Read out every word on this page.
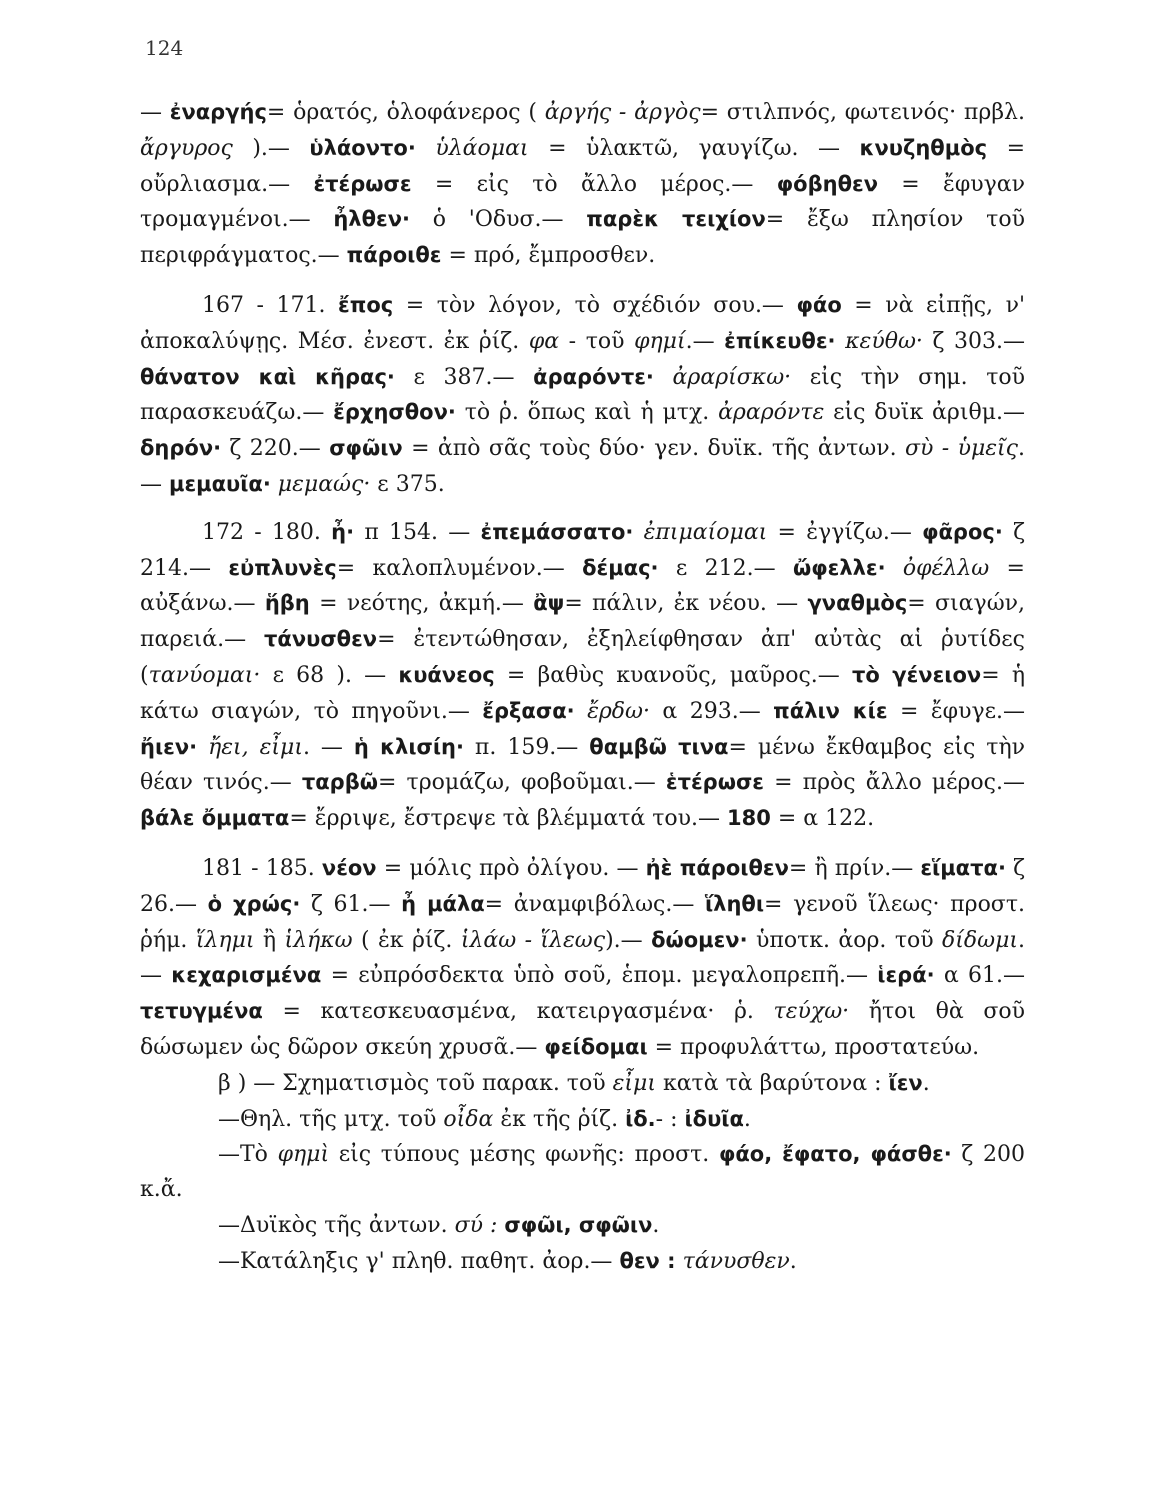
124

— ἐναργής= ὁρατός, ὁλοφάνερος ( ἀργής - ἀργὸς= στιλπνός, φωτεινός· πρβλ. ἄργυρος ).— ὑλάοντο· ὑλάομαι = ὑλακτῶ, γαυγίζω. — κνυζηθμὸς = οὔρλιασμα.— ἐτέρωσε = εἰς τὸ ἄλλο μέρος.— φόβηθεν = ἔφυγαν τρομαγμένοι.— ἦλθεν· ὁ 'Οδυσ.— παρὲκ τειχίον= ἔξω πλησίον τοῦ περιφράγματος.— πάροιθε = πρό, ἔμπροσθεν.

167 - 171. ἔπος = τὸν λόγον, τὸ σχέδιόν σου.— φάο = νὰ εἰπῇς, ν' ἀποκαλύψῃς. Μέσ. ἐνεστ. ἐκ ῥίζ. φα - τοῦ φημί.— ἐπίκευθε· κεύθω· ζ 303.— θάνατον καὶ κῆρας· ε 387.— ἀραρόντε· ἀραρίσκω· εἰς τὴν σημ. τοῦ παρασκευάζω.— ἔρχησθον· τὸ ῥ. ὅπως καὶ ἡ μτχ. ἀραρόντε εἰς δυϊκ ἀριθμ.— δηρόν· ζ 220.— σφῶιν = ἀπὸ σᾶς τοὺς δύο· γεν. δυϊκ. τῆς ἀντων. σὺ - ὑμεῖς.— μεμαυῖα· μεμαώς· ε 375.

172 - 180. ἦ· π 154. — ἐπεμάσσατο· ἐπιμαίομαι = ἐγγίζω.— φᾶρος· ζ 214.— εὐπλυνὲς= καλοπλυμένον.— δέμας· ε 212.— ὤφελλε· ὀφέλλω = αὐξάνω.— ἥβη = νεότης, ἀκμή.— ἂψ= πάλιν, ἐκ νέου. — γναθμὸς= σιαγών, παρειά.— τάνυσθεν= ἐτεντώθησαν, ἐξηλείφθησαν ἀπ' αὐτὰς αἱ ῥυτίδες (τανύομαι· ε 68 ). — κυάνεος = βαθὺς κυανοῦς, μαῦρος.— τὸ γένειον= ἡ κάτω σιαγών, τὸ πηγοῦνι.— ἔρξασα· ἔρδω· α 293.— πάλιν κίε = ἔφυγε.— ἤιεν· ἤει, εἶμι. — ἡ κλισίη· π. 159.— θαμβῶ τινα= μένω ἔκθαμβος εἰς τὴν θέαν τινός.— ταρβῶ= τρομάζω, φοβοῦμαι.— ἑτέρωσε = πρὸς ἄλλο μέρος.— βάλε ὄμματα= ἔρριψε, ἔστρεψε τὰ βλέμματά του.— 180 = α 122.

181 - 185. νέον = μόλις πρὸ ὀλίγου. — ἠὲ πάροιθεν= ἢ πρίν.— εἵματα· ζ 26.— ὁ χρώς· ζ 61.— ἦ μάλα= ἀναμφιβόλως.— ἵληθι= γενοῦ ἵλεως· προστ. ῥήμ. ἵλημι ἢ ἱλήκω ( ἐκ ῥίζ. ἱλάω - ἵλεως).— δώομεν· ὑποτκ. ἀορ. τοῦ δίδωμι.— κεχαρισμένα = εὐπρόσδεκτα ὑπὸ σοῦ, ἑπομ. μεγαλοπρεπῆ.— ἱερά· α 61.— τετυγμένα = κατεσκευασμένα, κατειργασμένα· ῥ. τεύχω· ἤτοι θὰ σοῦ δώσωμεν ὡς δῶρον σκεύη χρυσᾶ.— φείδομαι = προφυλάττω, προστατεύω.

β ) — Σχηματισμὸς τοῦ παρακ. τοῦ εἶμι κατὰ τὰ βαρύτονα : ἴεν.

—Θηλ. τῆς μτχ. τοῦ οἶδα ἐκ τῆς ῥίζ. ἰδ.- : ἰδυῖα.

—Τὸ φημὶ εἰς τύπους μέσης φωνῆς: προστ. φάο, ἔφατο, φάσθε· ζ 200 κ.ἄ.

—Δυϊκὸς τῆς ἀντων. σύ : σφῶι, σφῶιν.

—Κατάληξις γ' πληθ. παθητ. ἀορ.— θεν : τάνυσθεν.
